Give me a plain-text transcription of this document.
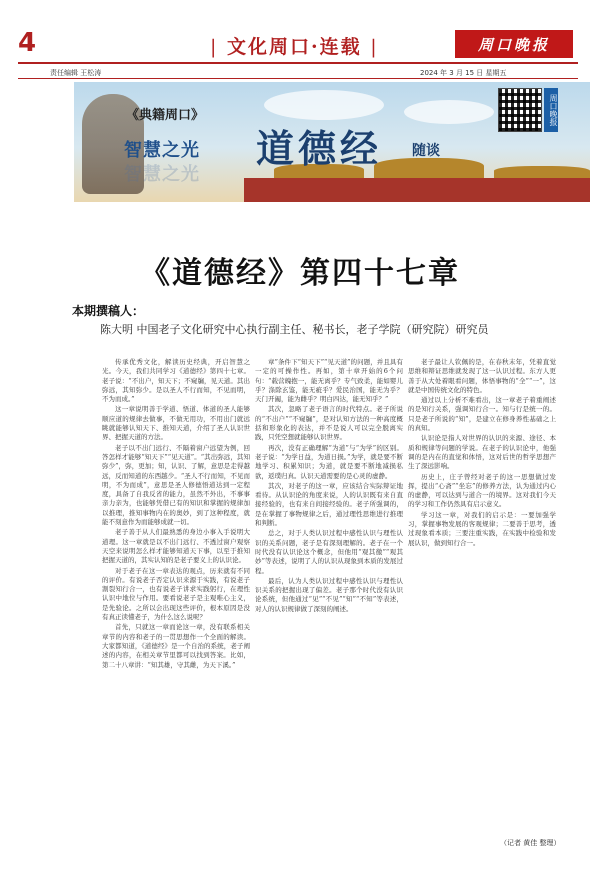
4	| 文化周口·连载 |	周口晚报
责任编辑 王松涛	2024 年 3 月 15 日 星期五
《典籍周口》
智慧之光
智慧之光
道德经 随谈
周口晚报
《道德经》第四十七章
本期撰稿人：
陈大明 中国老子文化研究中心执行副主任、秘书长，老子学院（研究院）研究员

传承优秀文化，解读历史经典，开启智慧之光。今天，我们共同学习《道德经》第四十七章。老子说：“不出户，知天下；不窥牖，见天道。其出弥远，其知弥少。是以圣人不行而知，不见而明，不为而成。”

这一章说明善于学道、悟道、体道的圣人能够顺应道的规律去做事，不做无用功，不用出门就远眺就能够认知天下、推知天道，介绍了圣人认识世界、把握天道的方法。

老子以不出门远行、不隔着窗户远望为例，回答怎样才能够“知天下”“见天道”。“其出弥远，其知弥少”，弥，更加；知，认识、了解，意思是走得越远，反而知道的东西越少。“圣人不行而知，不见而明，不为而成”，意思是圣人修德悟道达到一定程度，具备了自我反省的能力，虽然不外出，不事事亲力亲为，也能够凭借已有的知识和掌握的规律加以推理，推知事物内在的奥妙，到了这种程度，就能不刻意作为而能够成就一切。

老子善于从人们最熟悉的身边小事入手说明大道理。这一章就是以不出门远行、不透过窗户观察天空来说明怎么样才能够知道天下事，以至于推知把握天道的，其实认知的是老子要义上的认识论。

对于老子在这一章表达的观点，历来就有不同的评价。有说老子否定认识来源于实践，有说老子割裂知行合一，也有说老子讲求实践躬行，在理性认识中地位与作用。要看说老子是主观唯心主义，是先验论。之所以会出现这些评价，根本原因是没有真正读懂老子，为什么这么说呢？

首先，只就这一章而论这一章，没有联系相关章节的内容和老子的一贯思想作一个全面的解读。大家都知道，《道德经》是一个自治的系统，老子阐述的内容，在相关章节里都可以找到答案。比如，第二十八章讲：“知其雄，守其雌，为天下溪。”

章”条件下“知天下”“见天道”的问题，并且具有一定的可操作性。再如，第十章开始的6个问句：“载营魄抱一，能无离乎？专气致柔，能如婴儿乎？涤除玄鉴，能无疵乎？爱民治国，能无为乎？天门开阖，能为雌乎？明白四达，能无知乎？”

其次，忽略了老子语言的时代特点。老子所说的“不出户”“不窥牖”，是对认知方法的一种高度概括和形象化的表达，并不是说人可以完全脱离实践，只凭空想就能够认识世界。

再次，没有正确理解“为道”与“为学”的区别。老子说：“为学日益，为道日损。”为学，就是要不断地学习、积累知识；为道，就是要不断地减损私欲，返璞归真。认识天道需要的是心灵的虚静。

其次，对老子的这一章，应该结合实际辩证地看待。从认识论的角度来说，人的认识既有来自直接经验的，也有来自间接经验的。老子所强调的，是在掌握了事物规律之后，通过理性思维进行推理和判断。

总之，对于人类认识过程中感性认识与理性认识的关系问题，老子是有深刻理解的。老子在一个时代没有认识论这个概念，但他用“观其徼”“观其妙”等表述，说明了人的认识从现象到本质的发展过程。

最后，认为人类认识过程中感性认识与理性认识关系的把握出现了偏差。老子那个时代没有认识论系统，但他通过“见”“不见”“知”“不知”等表述，对人的认识规律做了深刻的阐述。

老子最让人钦佩的是，在春秋末年，凭着直觉思维和辩证思维就发现了这一认识过程。东方人更善于从大处着眼看问题，体悟事物的“全”“一”，这就是中国传统文化的特色。

通过以上分析不难看出，这一章老子着重阐述的是知行关系，强调知行合一。知与行是统一的。只是老子所说的“知”，是建立在修身养性基础之上的真知。

认识论是指人对世界的认识的来源、途径、本质和规律等问题的学说。在老子的认识论中，他强调的是内在的直觉和体悟，这对后世的哲学思想产生了深远影响。

历史上，庄子曾经对老子的这一思想做过发挥，提出“心斋”“坐忘”的修养方法，认为通过内心的虚静，可以达到与道合一的境界。这对我们今天的学习和工作仍然具有启示意义。

学习这一章，对我们的启示是：一要加强学习，掌握事物发展的客观规律；二要善于思考，透过现象看本质；三要注重实践，在实践中检验和发展认识，做到知行合一。

（记者 黄佳 整理）
